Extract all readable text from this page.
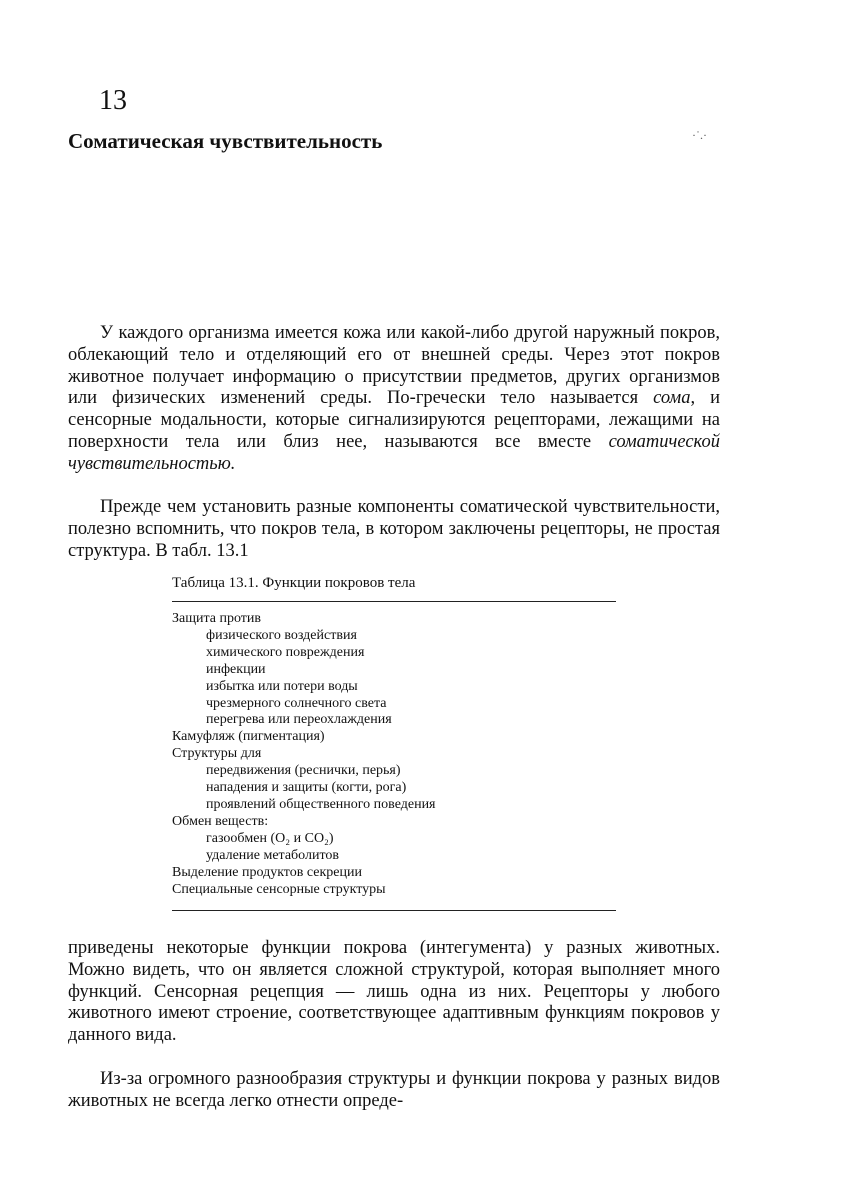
13
Соматическая чувствительность	·˙.·

У каждого организма имеется кожа или какой-либо другой наружный покров, облекающий тело и отделяющий его от внешней среды. Через этот покров животное получает информацию о присутствии предметов, других организмов или физических изменений среды. По-гречески тело называется сома, и сенсорные модальности, которые сигнализируются рецепторами, лежащими на поверхности тела или близ нее, называются все вместе соматической чувствительностью.

Прежде чем установить разные компоненты соматической чувствительности, полезно вспомнить, что покров тела, в котором заключены рецепторы, не простая структура. В табл. 13.1

Таблица 13.1. Функции покровов тела
Защита против
физического воздействия
химического повреждения
инфекции
избытка или потери воды
чрезмерного солнечного света
перегрева или переохлаждения
Камуфляж (пигментация)
Структуры для
передвижения (реснички, перья)
нападения и защиты (когти, рога)
проявлений общественного поведения
Обмен веществ:
газообмен (O₂ и CO₂)
удаление метаболитов
Выделение продуктов секреции
Специальные сенсорные структуры

приведены некоторые функции покрова (интегумента) у разных животных. Можно видеть, что он является сложной структурой, которая выполняет много функций. Сенсорная рецепция — лишь одна из них. Рецепторы у любого животного имеют строение, соответствующее адаптивным функциям покровов у данного вида.

Из-за огромного разнообразия структуры и функции покрова у разных видов животных не всегда легко отнести опреде-
